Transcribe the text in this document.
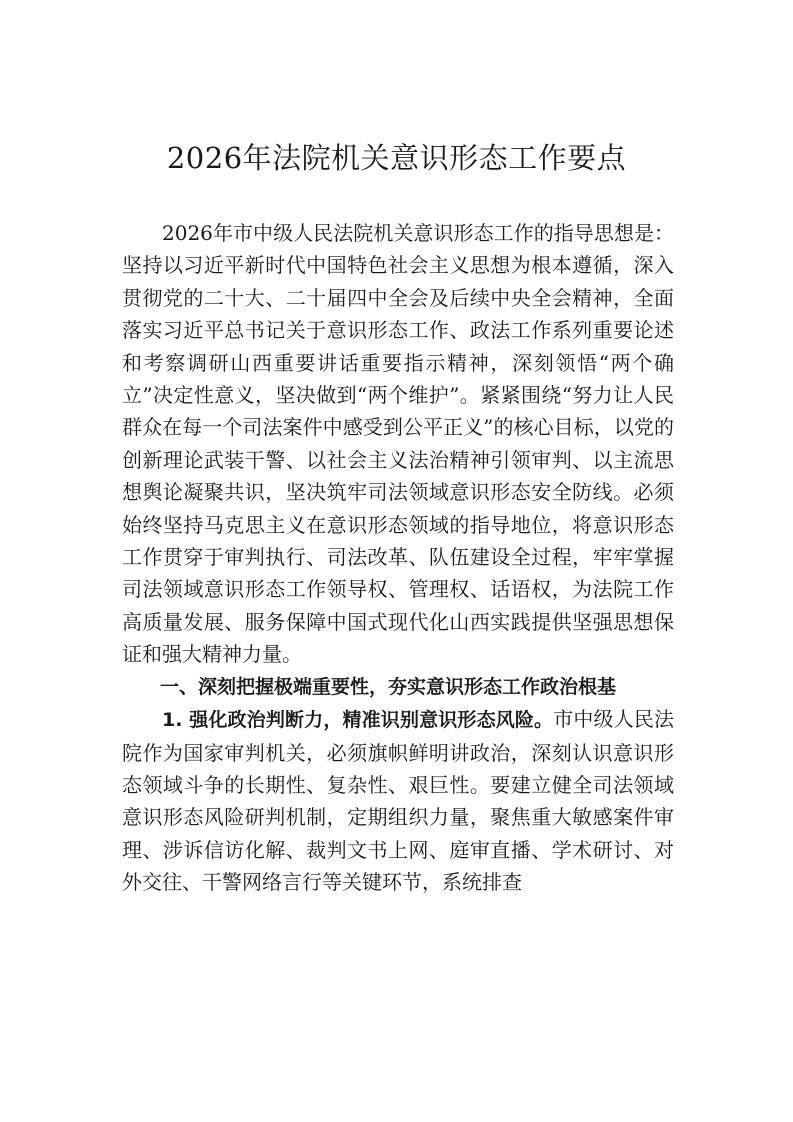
2026年法院机关意识形态工作要点

2026年市中级人民法院机关意识形态工作的指导思想是：坚持以习近平新时代中国特色社会主义思想为根本遵循，深入贯彻党的二十大、二十届四中全会及后续中央全会精神，全面落实习近平总书记关于意识形态工作、政法工作系列重要论述和考察调研山西重要讲话重要指示精神，深刻领悟“两个确立”决定性意义，坚决做到“两个维护”。紧紧围绕“努力让人民群众在每一个司法案件中感受到公平正义”的核心目标，以党的创新理论武装干警、以社会主义法治精神引领审判、以主流思想舆论凝聚共识，坚决筑牢司法领域意识形态安全防线。必须始终坚持马克思主义在意识形态领域的指导地位，将意识形态工作贯穿于审判执行、司法改革、队伍建设全过程，牢牢掌握司法领域意识形态工作领导权、管理权、话语权，为法院工作高质量发展、服务保障中国式现代化山西实践提供坚强思想保证和强大精神力量。

一、深刻把握极端重要性，夯实意识形态工作政治根基

1. 强化政治判断力，精准识别意识形态风险。市中级人民法院作为国家审判机关，必须旗帜鲜明讲政治，深刻认识意识形态领域斗争的长期性、复杂性、艰巨性。要建立健全司法领域意识形态风险研判机制，定期组织力量，聚焦重大敏感案件审理、涉诉信访化解、裁判文书上网、庭审直播、学术研讨、对外交往、干警网络言行等关键环节，系统排查
